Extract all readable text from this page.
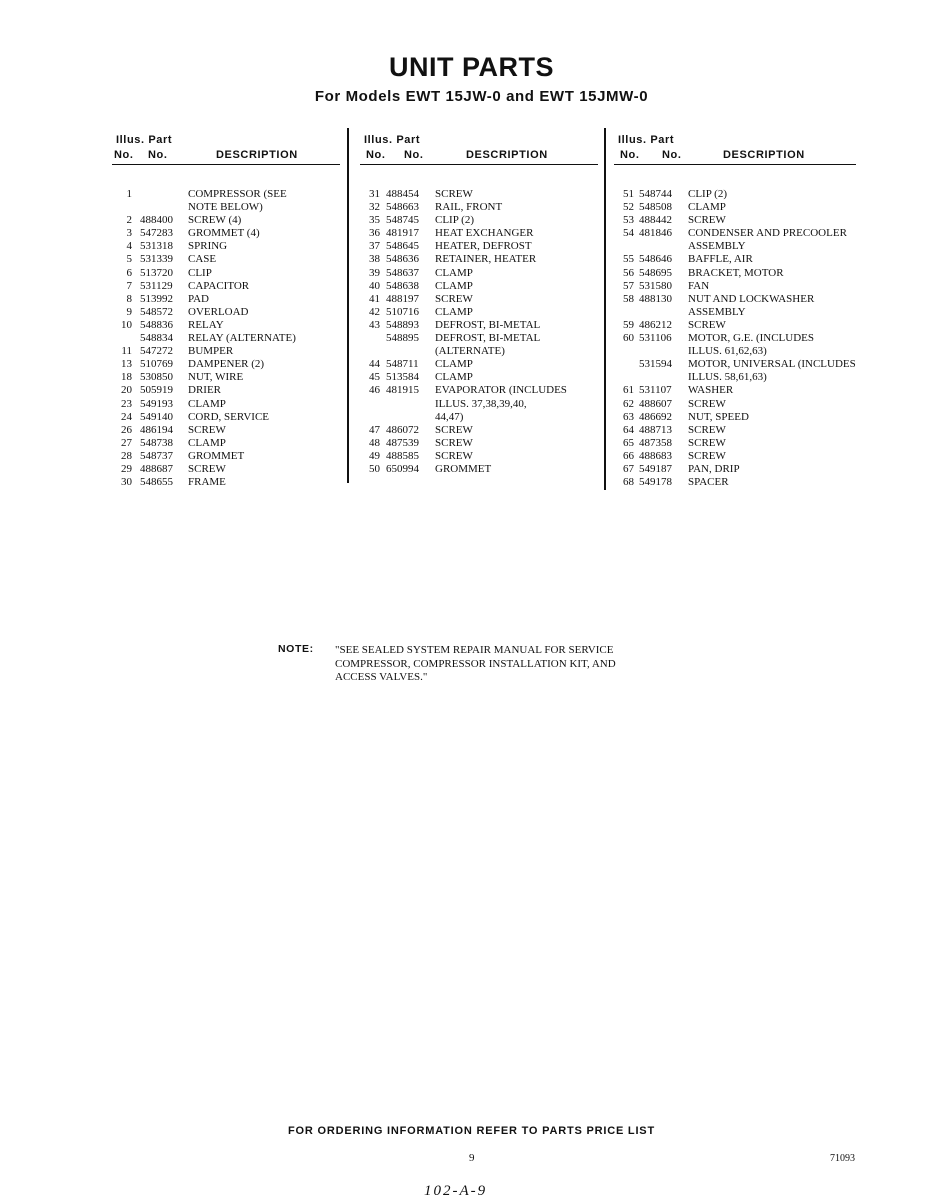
UNIT PARTS
For Models EWT 15JW-0 and EWT 15JMW-0
Illus. Part
No. No.	DESCRIPTION
1	COMPRESSOR (SEE
NOTE BELOW)
2 488400 SCREW (4)
3 547283 GROMMET (4)
4 531318 SPRING
5 531339 CASE
6 513720 CLIP
7 531129 CAPACITOR
8 513992 PAD
9 548572 OVERLOAD
10 548836 RELAY
548834 RELAY (ALTERNATE)
11 547272 BUMPER
13 510769 DAMPENER (2)
18 530850 NUT, WIRE
20 505919 DRIER
23 549193 CLAMP
24 549140 CORD, SERVICE
26 486194 SCREW
27 548738 CLAMP
28 548737 GROMMET
29 488687 SCREW
30 548655 FRAME
Illus. Part
No. No.	DESCRIPTION
31 488454 SCREW
32 548663 RAIL, FRONT
35 548745 CLIP (2)
36 481917 HEAT EXCHANGER
37 548645 HEATER, DEFROST
38 548636 RETAINER, HEATER
39 548637 CLAMP
40 548638 CLAMP
41 488197 SCREW
42 510716 CLAMP
43 548893 DEFROST, BI-METAL
548895 DEFROST, BI-METAL
(ALTERNATE)
44 548711 CLAMP
45 513584 CLAMP
46 481915 EVAPORATOR (INCLUDES
ILLUS. 37,38,39,40,
44,47)
47 486072 SCREW
48 487539 SCREW
49 488585 SCREW
50 650994 GROMMET
Illus. Part
No. No.	DESCRIPTION
51 548744 CLIP (2)
52 548508 CLAMP
53 488442 SCREW
54 481846 CONDENSER AND PRECOOLER
ASSEMBLY
55 548646 BAFFLE, AIR
56 548695 BRACKET, MOTOR
57 531580 FAN
58 488130 NUT AND LOCKWASHER
ASSEMBLY
59 486212 SCREW
60 531106 MOTOR, G.E. (INCLUDES
ILLUS. 61,62,63)
531594 MOTOR, UNIVERSAL (INCLUDES
ILLUS. 58,61,63)
61 531107 WASHER
62 488607 SCREW
63 486692 NUT, SPEED
64 488713 SCREW
65 487358 SCREW
66 488683 SCREW
67 549187 PAN, DRIP
68 549178 SPACER
NOTE: "SEE SEALED SYSTEM REPAIR MANUAL FOR SERVICE COMPRESSOR, COMPRESSOR INSTALLATION KIT, AND ACCESS VALVES."
FOR ORDERING INFORMATION REFER TO PARTS PRICE LIST
9	71093
102-A-9
